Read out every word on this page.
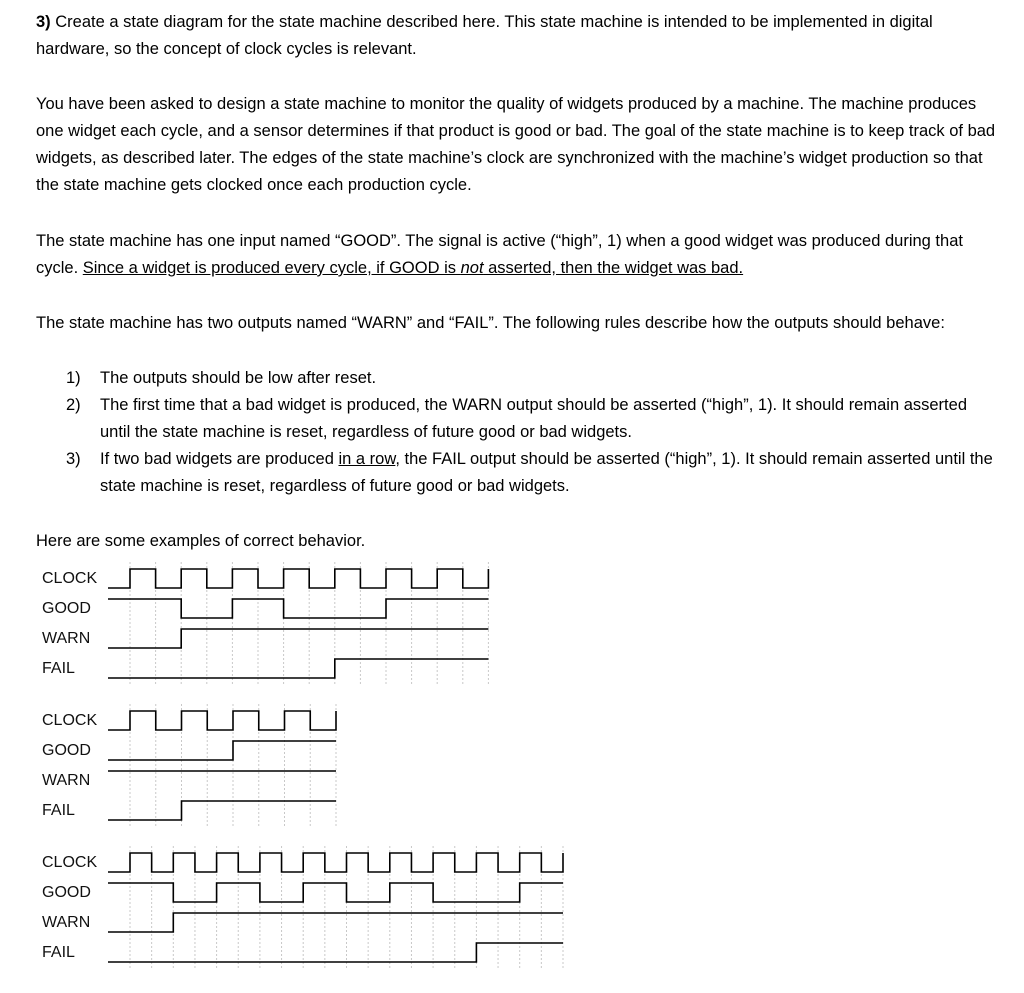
3) Create a state diagram for the state machine described here. This state machine is intended to be implemented in digital hardware, so the concept of clock cycles is relevant.
You have been asked to design a state machine to monitor the quality of widgets produced by a machine. The machine produces one widget each cycle, and a sensor determines if that product is good or bad. The goal of the state machine is to keep track of bad widgets, as described later. The edges of the state machine’s clock are synchronized with the machine’s widget production so that the state machine gets clocked once each production cycle.
The state machine has one input named “GOOD”. The signal is active (“high”, 1) when a good widget was produced during that cycle. Since a widget is produced every cycle, if GOOD is not asserted, then the widget was bad.
The state machine has two outputs named “WARN” and “FAIL”. The following rules describe how the outputs should behave:
1) The outputs should be low after reset.
2) The first time that a bad widget is produced, the WARN output should be asserted (“high”, 1). It should remain asserted until the state machine is reset, regardless of future good or bad widgets.
3) If two bad widgets are produced in a row, the FAIL output should be asserted (“high”, 1). It should remain asserted until the state machine is reset, regardless of future good or bad widgets.
Here are some examples of correct behavior.
CLOCK
GOOD
WARN
FAIL
CLOCK
GOOD
WARN
FAIL
CLOCK
GOOD
WARN
FAIL
